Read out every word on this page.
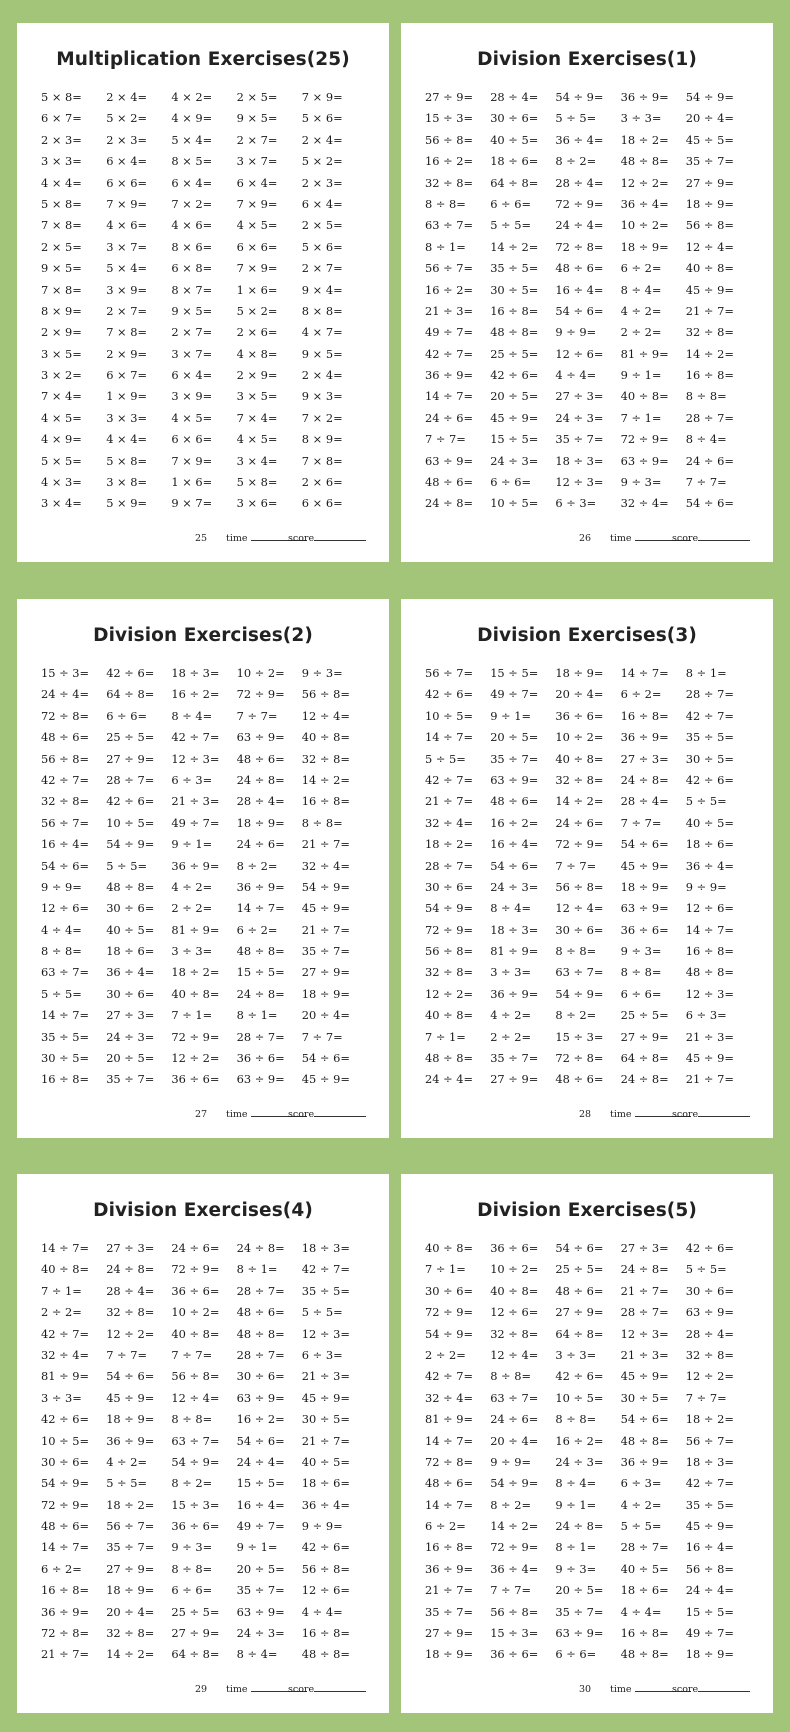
Multiplication Exercises(25)
5 × 8=	2 × 4=	4 × 2=	2 × 5=	7 × 9=
6 × 7=	5 × 2=	4 × 9=	9 × 5=	5 × 6=
2 × 3=	2 × 3=	5 × 4=	2 × 7=	2 × 4=
3 × 3=	6 × 4=	8 × 5=	3 × 7=	5 × 2=
4 × 4=	6 × 6=	6 × 4=	6 × 4=	2 × 3=
5 × 8=	7 × 9=	7 × 2=	7 × 9=	6 × 4=
7 × 8=	4 × 6=	4 × 6=	4 × 5=	2 × 5=
2 × 5=	3 × 7=	8 × 6=	6 × 6=	5 × 6=
9 × 5=	5 × 4=	6 × 8=	7 × 9=	2 × 7=
7 × 8=	3 × 9=	8 × 7=	1 × 6=	9 × 4=
8 × 9=	2 × 7=	9 × 5=	5 × 2=	8 × 8=
2 × 9=	7 × 8=	2 × 7=	2 × 6=	4 × 7=
3 × 5=	2 × 9=	3 × 7=	4 × 8=	9 × 5=
3 × 2=	6 × 7=	6 × 4=	2 × 9=	2 × 4=
7 × 4=	1 × 9=	3 × 9=	3 × 5=	9 × 3=
4 × 5=	3 × 3=	4 × 5=	7 × 4=	7 × 2=
4 × 9=	4 × 4=	6 × 6=	4 × 5=	8 × 9=
5 × 5=	5 × 8=	7 × 9=	3 × 4=	7 × 8=
4 × 3=	3 × 8=	1 × 6=	5 × 8=	2 × 6=
3 × 4=	5 × 9=	9 × 7=	3 × 6=	6 × 6=
25 time	score
Division Exercises(1)
27 ÷ 9=	28 ÷ 4=	54 ÷ 9=	36 ÷ 9=	54 ÷ 9=
15 ÷ 3=	30 ÷ 6=	5 ÷ 5=	3 ÷ 3=	20 ÷ 4=
56 ÷ 8=	40 ÷ 5=	36 ÷ 4=	18 ÷ 2=	45 ÷ 5=
16 ÷ 2=	18 ÷ 6=	8 ÷ 2=	48 ÷ 8=	35 ÷ 7=
32 ÷ 8=	64 ÷ 8=	28 ÷ 4=	12 ÷ 2=	27 ÷ 9=
8 ÷ 8=	6 ÷ 6=	72 ÷ 9=	36 ÷ 4=	18 ÷ 9=
63 ÷ 7=	5 ÷ 5=	24 ÷ 4=	10 ÷ 2=	56 ÷ 8=
8 ÷ 1=	14 ÷ 2=	72 ÷ 8=	18 ÷ 9=	12 ÷ 4=
56 ÷ 7=	35 ÷ 5=	48 ÷ 6=	6 ÷ 2=	40 ÷ 8=
16 ÷ 2=	30 ÷ 5=	16 ÷ 4=	8 ÷ 4=	45 ÷ 9=
21 ÷ 3=	16 ÷ 8=	54 ÷ 6=	4 ÷ 2=	21 ÷ 7=
49 ÷ 7=	48 ÷ 8=	9 ÷ 9=	2 ÷ 2=	32 ÷ 8=
42 ÷ 7=	25 ÷ 5=	12 ÷ 6=	81 ÷ 9=	14 ÷ 2=
36 ÷ 9=	42 ÷ 6=	4 ÷ 4=	9 ÷ 1=	16 ÷ 8=
14 ÷ 7=	20 ÷ 5=	27 ÷ 3=	40 ÷ 8=	8 ÷ 8=
24 ÷ 6=	45 ÷ 9=	24 ÷ 3=	7 ÷ 1=	28 ÷ 7=
7 ÷ 7=	15 ÷ 5=	35 ÷ 7=	72 ÷ 9=	8 ÷ 4=
63 ÷ 9=	24 ÷ 3=	18 ÷ 3=	63 ÷ 9=	24 ÷ 6=
48 ÷ 6=	6 ÷ 6=	12 ÷ 3=	9 ÷ 3=	7 ÷ 7=
24 ÷ 8=	10 ÷ 5=	6 ÷ 3=	32 ÷ 4=	54 ÷ 6=
26 time	score
Division Exercises(2)
15 ÷ 3=	42 ÷ 6=	18 ÷ 3=	10 ÷ 2=	9 ÷ 3=
24 ÷ 4=	64 ÷ 8=	16 ÷ 2=	72 ÷ 9=	56 ÷ 8=
72 ÷ 8=	6 ÷ 6=	8 ÷ 4=	7 ÷ 7=	12 ÷ 4=
48 ÷ 6=	25 ÷ 5=	42 ÷ 7=	63 ÷ 9=	40 ÷ 8=
56 ÷ 8=	27 ÷ 9=	12 ÷ 3=	48 ÷ 6=	32 ÷ 8=
42 ÷ 7=	28 ÷ 7=	6 ÷ 3=	24 ÷ 8=	14 ÷ 2=
32 ÷ 8=	42 ÷ 6=	21 ÷ 3=	28 ÷ 4=	16 ÷ 8=
56 ÷ 7=	10 ÷ 5=	49 ÷ 7=	18 ÷ 9=	8 ÷ 8=
16 ÷ 4=	54 ÷ 9=	9 ÷ 1=	24 ÷ 6=	21 ÷ 7=
54 ÷ 6=	5 ÷ 5=	36 ÷ 9=	8 ÷ 2=	32 ÷ 4=
9 ÷ 9=	48 ÷ 8=	4 ÷ 2=	36 ÷ 9=	54 ÷ 9=
12 ÷ 6=	30 ÷ 6=	2 ÷ 2=	14 ÷ 7=	45 ÷ 9=
4 ÷ 4=	40 ÷ 5=	81 ÷ 9=	6 ÷ 2=	21 ÷ 7=
8 ÷ 8=	18 ÷ 6=	3 ÷ 3=	48 ÷ 8=	35 ÷ 7=
63 ÷ 7=	36 ÷ 4=	18 ÷ 2=	15 ÷ 5=	27 ÷ 9=
5 ÷ 5=	30 ÷ 6=	40 ÷ 8=	24 ÷ 8=	18 ÷ 9=
14 ÷ 7=	27 ÷ 3=	7 ÷ 1=	8 ÷ 1=	20 ÷ 4=
35 ÷ 5=	24 ÷ 3=	72 ÷ 9=	28 ÷ 7=	7 ÷ 7=
30 ÷ 5=	20 ÷ 5=	12 ÷ 2=	36 ÷ 6=	54 ÷ 6=
16 ÷ 8=	35 ÷ 7=	36 ÷ 6=	63 ÷ 9=	45 ÷ 9=
27 time	score
Division Exercises(3)
56 ÷ 7=	15 ÷ 5=	18 ÷ 9=	14 ÷ 7=	8 ÷ 1=
42 ÷ 6=	49 ÷ 7=	20 ÷ 4=	6 ÷ 2=	28 ÷ 7=
10 ÷ 5=	9 ÷ 1=	36 ÷ 6=	16 ÷ 8=	42 ÷ 7=
14 ÷ 7=	20 ÷ 5=	10 ÷ 2=	36 ÷ 9=	35 ÷ 5=
5 ÷ 5=	35 ÷ 7=	40 ÷ 8=	27 ÷ 3=	30 ÷ 5=
42 ÷ 7=	63 ÷ 9=	32 ÷ 8=	24 ÷ 8=	42 ÷ 6=
21 ÷ 7=	48 ÷ 6=	14 ÷ 2=	28 ÷ 4=	5 ÷ 5=
32 ÷ 4=	16 ÷ 2=	24 ÷ 6=	7 ÷ 7=	40 ÷ 5=
18 ÷ 2=	16 ÷ 4=	72 ÷ 9=	54 ÷ 6=	18 ÷ 6=
28 ÷ 7=	54 ÷ 6=	7 ÷ 7=	45 ÷ 9=	36 ÷ 4=
30 ÷ 6=	24 ÷ 3=	56 ÷ 8=	18 ÷ 9=	9 ÷ 9=
54 ÷ 9=	8 ÷ 4=	12 ÷ 4=	63 ÷ 9=	12 ÷ 6=
72 ÷ 9=	18 ÷ 3=	30 ÷ 6=	36 ÷ 6=	14 ÷ 7=
56 ÷ 8=	81 ÷ 9=	8 ÷ 8=	9 ÷ 3=	16 ÷ 8=
32 ÷ 8=	3 ÷ 3=	63 ÷ 7=	8 ÷ 8=	48 ÷ 8=
12 ÷ 2=	36 ÷ 9=	54 ÷ 9=	6 ÷ 6=	12 ÷ 3=
40 ÷ 8=	4 ÷ 2=	8 ÷ 2=	25 ÷ 5=	6 ÷ 3=
7 ÷ 1=	2 ÷ 2=	15 ÷ 3=	27 ÷ 9=	21 ÷ 3=
48 ÷ 8=	35 ÷ 7=	72 ÷ 8=	64 ÷ 8=	45 ÷ 9=
24 ÷ 4=	27 ÷ 9=	48 ÷ 6=	24 ÷ 8=	21 ÷ 7=
28 time	score
Division Exercises(4)
14 ÷ 7=	27 ÷ 3=	24 ÷ 6=	24 ÷ 8=	18 ÷ 3=
40 ÷ 8=	24 ÷ 8=	72 ÷ 9=	8 ÷ 1=	42 ÷ 7=
7 ÷ 1=	28 ÷ 4=	36 ÷ 6=	28 ÷ 7=	35 ÷ 5=
2 ÷ 2=	32 ÷ 8=	10 ÷ 2=	48 ÷ 6=	5 ÷ 5=
42 ÷ 7=	12 ÷ 2=	40 ÷ 8=	48 ÷ 8=	12 ÷ 3=
32 ÷ 4=	7 ÷ 7=	7 ÷ 7=	28 ÷ 7=	6 ÷ 3=
81 ÷ 9=	54 ÷ 6=	56 ÷ 8=	30 ÷ 6=	21 ÷ 3=
3 ÷ 3=	45 ÷ 9=	12 ÷ 4=	63 ÷ 9=	45 ÷ 9=
42 ÷ 6=	18 ÷ 9=	8 ÷ 8=	16 ÷ 2=	30 ÷ 5=
10 ÷ 5=	36 ÷ 9=	63 ÷ 7=	54 ÷ 6=	21 ÷ 7=
30 ÷ 6=	4 ÷ 2=	54 ÷ 9=	24 ÷ 4=	40 ÷ 5=
54 ÷ 9=	5 ÷ 5=	8 ÷ 2=	15 ÷ 5=	18 ÷ 6=
72 ÷ 9=	18 ÷ 2=	15 ÷ 3=	16 ÷ 4=	36 ÷ 4=
48 ÷ 6=	56 ÷ 7=	36 ÷ 6=	49 ÷ 7=	9 ÷ 9=
14 ÷ 7=	35 ÷ 7=	9 ÷ 3=	9 ÷ 1=	42 ÷ 6=
6 ÷ 2=	27 ÷ 9=	8 ÷ 8=	20 ÷ 5=	56 ÷ 8=
16 ÷ 8=	18 ÷ 9=	6 ÷ 6=	35 ÷ 7=	12 ÷ 6=
36 ÷ 9=	20 ÷ 4=	25 ÷ 5=	63 ÷ 9=	4 ÷ 4=
72 ÷ 8=	32 ÷ 8=	27 ÷ 9=	24 ÷ 3=	16 ÷ 8=
21 ÷ 7=	14 ÷ 2=	64 ÷ 8=	8 ÷ 4=	48 ÷ 8=
29 time	score
Division Exercises(5)
40 ÷ 8=	36 ÷ 6=	54 ÷ 6=	27 ÷ 3=	42 ÷ 6=
7 ÷ 1=	10 ÷ 2=	25 ÷ 5=	24 ÷ 8=	5 ÷ 5=
30 ÷ 6=	40 ÷ 8=	48 ÷ 6=	21 ÷ 7=	30 ÷ 6=
72 ÷ 9=	12 ÷ 6=	27 ÷ 9=	28 ÷ 7=	63 ÷ 9=
54 ÷ 9=	32 ÷ 8=	64 ÷ 8=	12 ÷ 3=	28 ÷ 4=
2 ÷ 2=	12 ÷ 4=	3 ÷ 3=	21 ÷ 3=	32 ÷ 8=
42 ÷ 7=	8 ÷ 8=	42 ÷ 6=	45 ÷ 9=	12 ÷ 2=
32 ÷ 4=	63 ÷ 7=	10 ÷ 5=	30 ÷ 5=	7 ÷ 7=
81 ÷ 9=	24 ÷ 6=	8 ÷ 8=	54 ÷ 6=	18 ÷ 2=
14 ÷ 7=	20 ÷ 4=	16 ÷ 2=	48 ÷ 8=	56 ÷ 7=
72 ÷ 8=	9 ÷ 9=	24 ÷ 3=	36 ÷ 9=	18 ÷ 3=
48 ÷ 6=	54 ÷ 9=	8 ÷ 4=	6 ÷ 3=	42 ÷ 7=
14 ÷ 7=	8 ÷ 2=	9 ÷ 1=	4 ÷ 2=	35 ÷ 5=
6 ÷ 2=	14 ÷ 2=	24 ÷ 8=	5 ÷ 5=	45 ÷ 9=
16 ÷ 8=	72 ÷ 9=	8 ÷ 1=	28 ÷ 7=	16 ÷ 4=
36 ÷ 9=	36 ÷ 4=	9 ÷ 3=	40 ÷ 5=	56 ÷ 8=
21 ÷ 7=	7 ÷ 7=	20 ÷ 5=	18 ÷ 6=	24 ÷ 4=
35 ÷ 7=	56 ÷ 8=	35 ÷ 7=	4 ÷ 4=	15 ÷ 5=
27 ÷ 9=	15 ÷ 3=	63 ÷ 9=	16 ÷ 8=	49 ÷ 7=
18 ÷ 9=	36 ÷ 6=	6 ÷ 6=	48 ÷ 8=	18 ÷ 9=
30 time	score
